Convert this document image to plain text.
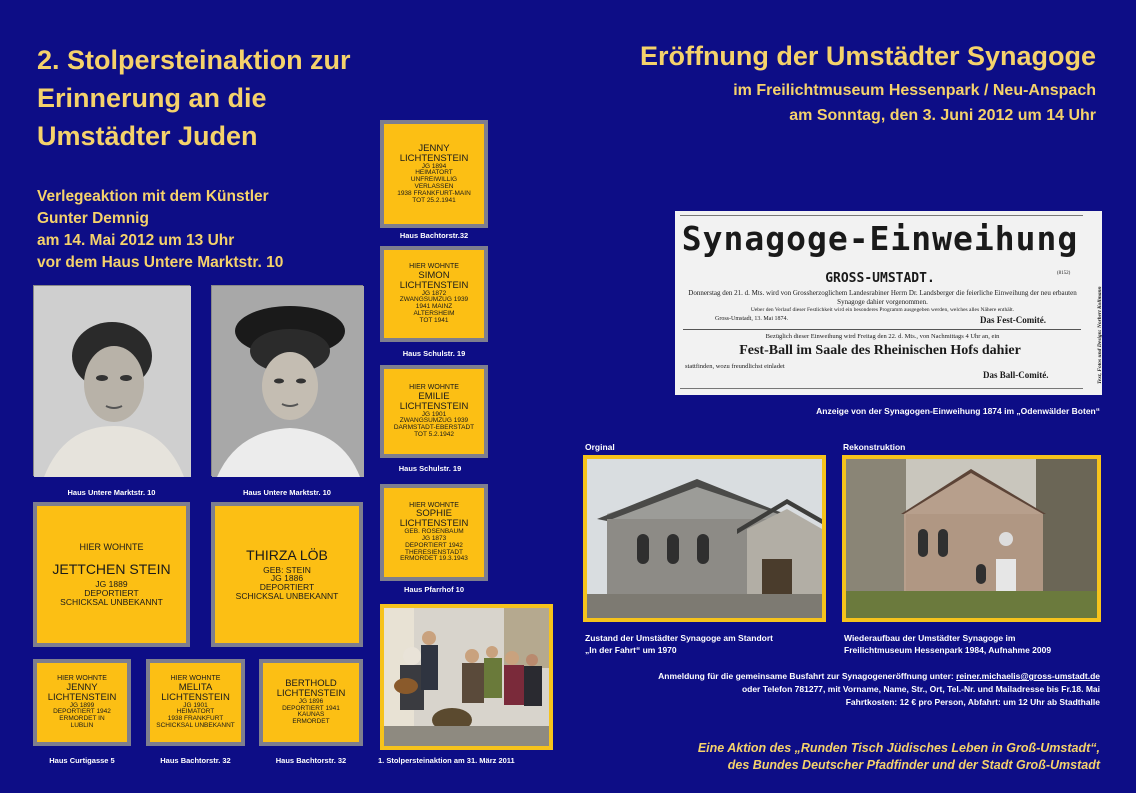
2. Stolpersteinaktion zur
Erinnerung an die
Umstädter Juden
Verlegeaktion mit dem Künstler
Gunter Demnig
am 14. Mai 2012 um 13 Uhr
vor dem Haus Untere Marktstr. 10
Haus Untere Marktstr. 10	Haus Untere Marktstr. 10
HIER WOHNTE
JETTCHEN STEIN
JG 1889
DEPORTIERT
SCHICKSAL UNBEKANNT
THIRZA LÖB
GEB: STEIN
JG 1886
DEPORTIERT
SCHICKSAL UNBEKANNT
HIER WOHNTE
JENNY
LICHTENSTEIN
JG 1899
DEPORTIERT 1942
ERMORDET IN
LUBLIN
Haus Curtigasse 5
HIER WOHNTE
MELITA
LICHTENSTEIN
JG 1901
HEIMATORT
1938 FRANKFURT
SCHICKSAL UNBEKANNT
Haus Bachtorstr. 32
BERTHOLD
LICHTENSTEIN
JG 1896
DEPORTIERT 1941
KAUNAS
ERMORDET
Haus Bachtorstr. 32
JENNY
LICHTENSTEIN
JG 1894
HEIMATORT
UNFREIWILLIG
VERLASSEN
1938 FRANKFURT-MAIN
TOT 25.2.1941
Haus Bachtorstr.32
HIER WOHNTE
SIMON
LICHTENSTEIN
JG 1872
ZWANGSUMZUG 1939
1941 MAINZ
ALTERSHEIM
TOT 1941
Haus Schulstr. 19
HIER WOHNTE
EMILIE
LICHTENSTEIN
JG 1901
ZWANGSUMZUG 1939
DARMSTADT-EBERSTADT
TOT 5.2.1942
Haus Schulstr. 19
HIER WOHNTE
SOPHIE
LICHTENSTEIN
GEB. ROSENBAUM
JG 1873
DEPORTIERT 1942
THERESIENSTADT
ERMORDET 19.3.1943
Haus Pfarrhof 10
1. Stolpersteinaktion am 31. März 2011
Eröffnung der Umstädter Synagoge
im Freilichtmuseum Hessenpark / Neu-Anspach
am Sonntag, den 3. Juni 2012 um 14 Uhr
Synagoge-Einweihung
GROSS-UMSTADT.	(8152)
Donnerstag den 21. d. Mts. wird von Grossherzoglichem Landesrabiner Herrn Dr. Landsberger die feierliche Einweihung der neu erbauten Synagoge dahier vorgenommen.
Ueber den Verlauf dieser Festlichkeit wird ein besonderes Programm ausgegeben werden, welches alles Nähere enthält.
Gross-Umstadt, 13. Mai 1874.	Das Fest-Comité.
Bezüglich dieser Einweihung wird Freitag den 22. d. Mts., von Nachmittags 4 Uhr an, ein
Fest-Ball im Saale des Rheinischen Hofs dahier
stattfinden, wozu freundlichst einladet
Das Ball-Comité.	Text, Fotos und Design: Norbert Kollmann
Anzeige von der Synagogen-Einweihung 1874 im „Odenwälder Boten“
Orginal
Zustand der Umstädter Synagoge am Standort
„In der Fahrt“ um 1970
Rekonstruktion
Wiederaufbau der Umstädter Synagoge im
Freilichtmuseum Hessenpark 1984, Aufnahme 2009
Anmeldung für die gemeinsame Busfahrt zur Synagogeneröffnung unter: reiner.michaelis@gross-umstadt.de
oder Telefon 781277, mit Vorname, Name, Str., Ort, Tel.-Nr. und Mailadresse bis Fr.18. Mai
Fahrtkosten: 12 € pro Person, Abfahrt: um 12 Uhr ab Stadthalle
Eine Aktion des „Runden Tisch Jüdisches Leben in Groß-Umstadt“,
des Bundes Deutscher Pfadfinder und der Stadt Groß-Umstadt
